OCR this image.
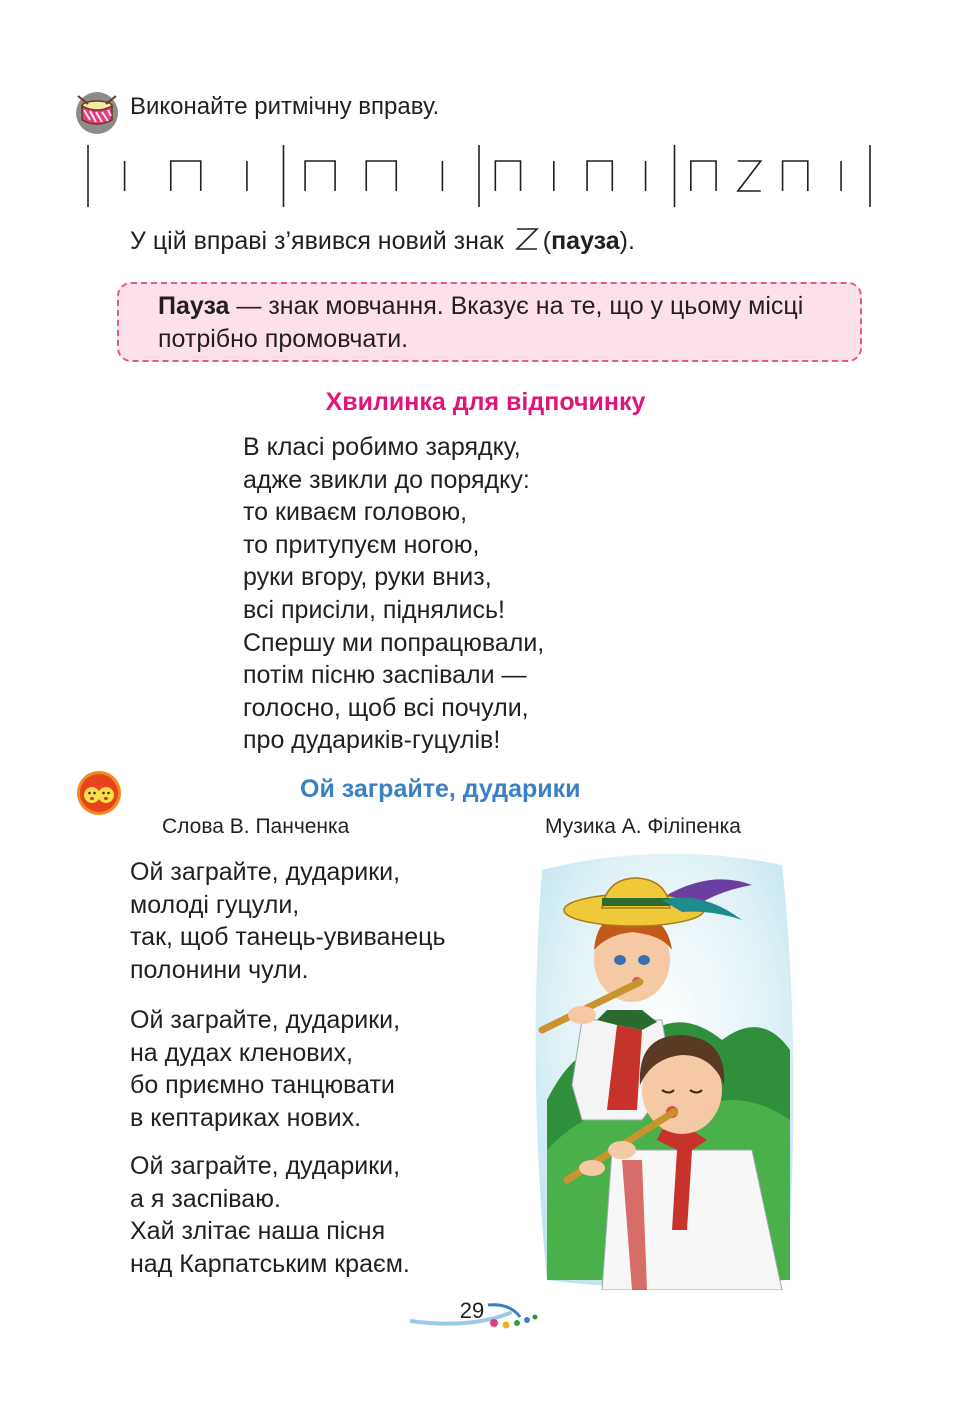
Виконайте ритмічну вправу.
У цій вправі з’явився новий знак (пауза).
Пауза — знак мовчання. Вказує на те, що у цьому місці потрібно промовчати.
Хвилинка для відпочинку
В класі робимо зарядку,
адже звикли до порядку:
то киваєм головою,
то притупуєм ногою,
руки вгору, руки вниз,
всі присіли, піднялись!
Спершу ми попрацювали,
потім пісню заспівали —
голосно, щоб всі почули,
про дудариків-гуцулів!
Ой заграйте, дударики
Слова В. Панченка	Музика А. Філіпенка
Ой заграйте, дударики,
молоді гуцули,
так, щоб танець-увиванець
полонини чули.
Ой заграйте, дударики,
на дудах кленових,
бо приємно танцювати
в кептариках нових.
Ой заграйте, дударики,
а я заспіваю.
Хай злітає наша пісня
над Карпатським краєм.
29
